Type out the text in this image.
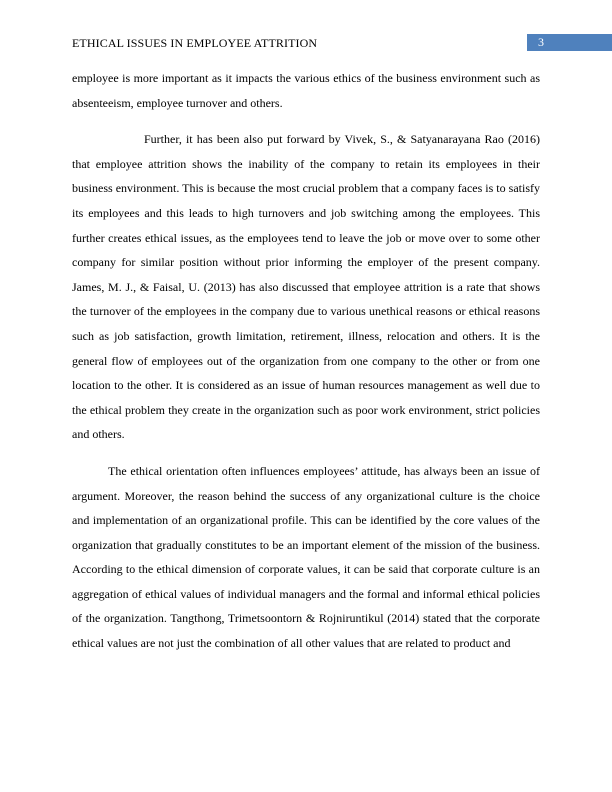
ETHICAL ISSUES IN EMPLOYEE ATTRITION	3

employee is more important as it impacts the various ethics of the business environment such as absenteeism, employee turnover and others.

Further, it has been also put forward by Vivek, S., & Satyanarayana Rao (2016) that employee attrition shows the inability of the company to retain its employees in their business environment. This is because the most crucial problem that a company faces is to satisfy its employees and this leads to high turnovers and job switching among the employees. This further creates ethical issues, as the employees tend to leave the job or move over to some other company for similar position without prior informing the employer of the present company. James, M. J., & Faisal, U. (2013) has also discussed that employee attrition is a rate that shows the turnover of the employees in the company due to various unethical reasons or ethical reasons such as job satisfaction, growth limitation, retirement, illness, relocation and others. It is the general flow of employees out of the organization from one company to the other or from one location to the other. It is considered as an issue of human resources management as well due to the ethical problem they create in the organization such as poor work environment, strict policies and others.

The ethical orientation often influences employees’ attitude, has always been an issue of argument. Moreover, the reason behind the success of any organizational culture is the choice and implementation of an organizational profile. This can be identified by the core values of the organization that gradually constitutes to be an important element of the mission of the business. According to the ethical dimension of corporate values, it can be said that corporate culture is an aggregation of ethical values of individual managers and the formal and informal ethical policies of the organization. Tangthong, Trimetsoontorn & Rojniruntikul (2014) stated that the corporate ethical values are not just the combination of all other values that are related to product and
